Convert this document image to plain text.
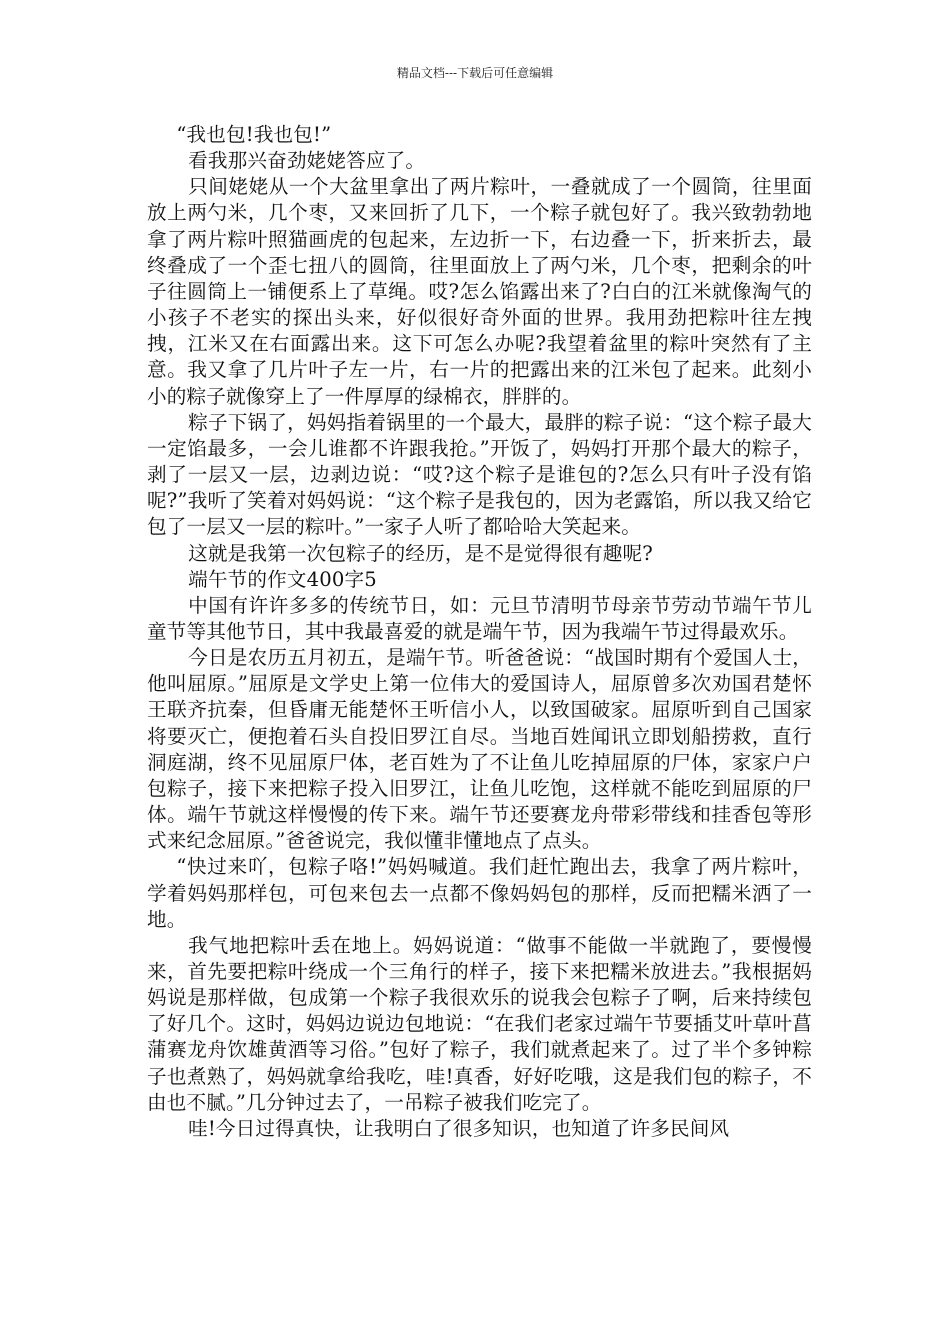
精品文档---下载后可任意编辑

“我也包!我也包!”

看我那兴奋劲姥姥答应了。

只间姥姥从一个大盆里拿出了两片粽叶，一叠就成了一个圆筒，往里面放上两勺米，几个枣，又来回折了几下，一个粽子就包好了。我兴致勃勃地拿了两片粽叶照猫画虎的包起来，左边折一下，右边叠一下，折来折去，最终叠成了一个歪七扭八的圆筒，往里面放上了两勺米，几个枣，把剩余的叶子往圆筒上一铺便系上了草绳。哎?怎么馅露出来了?白白的江米就像淘气的小孩子不老实的探出头来，好似很好奇外面的世界。我用劲把粽叶往左拽拽，江米又在右面露出来。这下可怎么办呢?我望着盆里的粽叶突然有了主意。我又拿了几片叶子左一片，右一片的把露出来的江米包了起来。此刻小小的粽子就像穿上了一件厚厚的绿棉衣，胖胖的。

粽子下锅了，妈妈指着锅里的一个最大，最胖的粽子说：“这个粽子最大一定馅最多，一会儿谁都不许跟我抢。”开饭了，妈妈打开那个最大的粽子，剥了一层又一层，边剥边说：“哎?这个粽子是谁包的?怎么只有叶子没有馅呢?”我听了笑着对妈妈说：“这个粽子是我包的，因为老露馅，所以我又给它包了一层又一层的粽叶。”一家子人听了都哈哈大笑起来。

这就是我第一次包粽子的经历，是不是觉得很有趣呢?

端午节的作文400字5

中国有许许多多的传统节日，如：元旦节清明节母亲节劳动节端午节儿童节等其他节日，其中我最喜爱的就是端午节，因为我端午节过得最欢乐。

今日是农历五月初五，是端午节。听爸爸说：“战国时期有个爱国人士，他叫屈原。”屈原是文学史上第一位伟大的爱国诗人，屈原曾多次劝国君楚怀王联齐抗秦，但昏庸无能楚怀王听信小人，以致国破家。屈原听到自己国家将要灭亡，便抱着石头自投旧罗江自尽。当地百姓闻讯立即划船捞救，直行洞庭湖，终不见屈原尸体，老百姓为了不让鱼儿吃掉屈原的尸体，家家户户包粽子，接下来把粽子投入旧罗江，让鱼儿吃饱，这样就不能吃到屈原的尸体。端午节就这样慢慢的传下来。端午节还要赛龙舟带彩带线和挂香包等形式来纪念屈原。”爸爸说完，我似懂非懂地点了点头。

“快过来吖，包粽子咯!”妈妈喊道。我们赶忙跑出去，我拿了两片粽叶，学着妈妈那样包，可包来包去一点都不像妈妈包的那样，反而把糯米洒了一地。

我气地把粽叶丢在地上。妈妈说道：“做事不能做一半就跑了，要慢慢来，首先要把粽叶绕成一个三角行的样子，接下来把糯米放进去。”我根据妈妈说是那样做，包成第一个粽子我很欢乐的说我会包粽子了啊，后来持续包了好几个。这时，妈妈边说边包地说：“在我们老家过端午节要插艾叶草叶菖蒲赛龙舟饮雄黄酒等习俗。”包好了粽子，我们就煮起来了。过了半个多钟粽子也煮熟了，妈妈就拿给我吃，哇!真香，好好吃哦，这是我们包的粽子，不由也不腻。”几分钟过去了，一吊粽子被我们吃完了。

哇!今日过得真快，让我明白了很多知识，也知道了许多民间风
